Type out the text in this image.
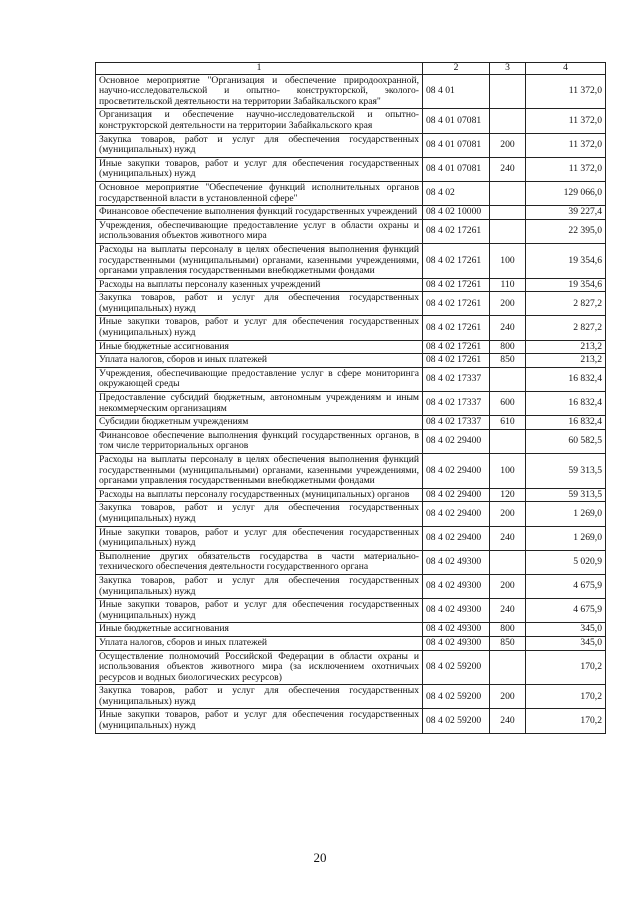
1	2	3	4
Основное мероприятие "Организация и обеспечение природоохранной, научно-исследовательской и опытно- конструкторской, эколого-просветительской деятельности на территории Забайкальского края"	08 4 01		11 372,0
Организация и обеспечение научно-исследовательской и опытно-конструкторской деятельности на территории Забайкальского края	08 4 01 07081		11 372,0
Закупка товаров, работ и услуг для обеспечения государственных (муниципальных) нужд	08 4 01 07081	200	11 372,0
Иные закупки товаров, работ и услуг для обеспечения государственных (муниципальных) нужд	08 4 01 07081	240	11 372,0
Основное мероприятие "Обеспечение функций исполнительных органов государственной власти в установленной сфере"	08 4 02		129 066,0
Финансовое обеспечение выполнения функций государственных учреждений	08 4 02 10000		39 227,4
Учреждения, обеспечивающие предоставление услуг в области охраны и использования объектов животного мира	08 4 02 17261		22 395,0
Расходы на выплаты персоналу в целях обеспечения выполнения функций государственными (муниципальными) органами, казенными учреждениями, органами управления государственными внебюджетными фондами	08 4 02 17261	100	19 354,6
Расходы на выплаты персоналу казенных учреждений	08 4 02 17261	110	19 354,6
Закупка товаров, работ и услуг для обеспечения государственных (муниципальных) нужд	08 4 02 17261	200	2 827,2
Иные закупки товаров, работ и услуг для обеспечения государственных (муниципальных) нужд	08 4 02 17261	240	2 827,2
Иные бюджетные ассигнования	08 4 02 17261	800	213,2
Уплата налогов, сборов и иных платежей	08 4 02 17261	850	213,2
Учреждения, обеспечивающие предоставление услуг в сфере мониторинга окружающей среды	08 4 02 17337		16 832,4
Предоставление субсидий бюджетным, автономным учреждениям и иным некоммерческим организациям	08 4 02 17337	600	16 832,4
Субсидии бюджетным учреждениям	08 4 02 17337	610	16 832,4
Финансовое обеспечение выполнения функций государственных органов, в том числе территориальных органов	08 4 02 29400		60 582,5
Расходы на выплаты персоналу в целях обеспечения выполнения функций государственными (муниципальными) органами, казенными учреждениями, органами управления государственными внебюджетными фондами	08 4 02 29400	100	59 313,5
Расходы на выплаты персоналу государственных (муниципальных) органов	08 4 02 29400	120	59 313,5
Закупка товаров, работ и услуг для обеспечения государственных (муниципальных) нужд	08 4 02 29400	200	1 269,0
Иные закупки товаров, работ и услуг для обеспечения государственных (муниципальных) нужд	08 4 02 29400	240	1 269,0
Выполнение других обязательств государства в части материально-технического обеспечения деятельности государственного органа	08 4 02 49300		5 020,9
Закупка товаров, работ и услуг для обеспечения государственных (муниципальных) нужд	08 4 02 49300	200	4 675,9
Иные закупки товаров, работ и услуг для обеспечения государственных (муниципальных) нужд	08 4 02 49300	240	4 675,9
Иные бюджетные ассигнования	08 4 02 49300	800	345,0
Уплата налогов, сборов и иных платежей	08 4 02 49300	850	345,0
Осуществление полномочий Российской Федерации в области охраны и использования объектов животного мира (за исключением охотничьих ресурсов и водных биологических ресурсов)	08 4 02 59200		170,2
Закупка товаров, работ и услуг для обеспечения государственных (муниципальных) нужд	08 4 02 59200	200	170,2
Иные закупки товаров, работ и услуг для обеспечения государственных (муниципальных) нужд	08 4 02 59200	240	170,2
20
